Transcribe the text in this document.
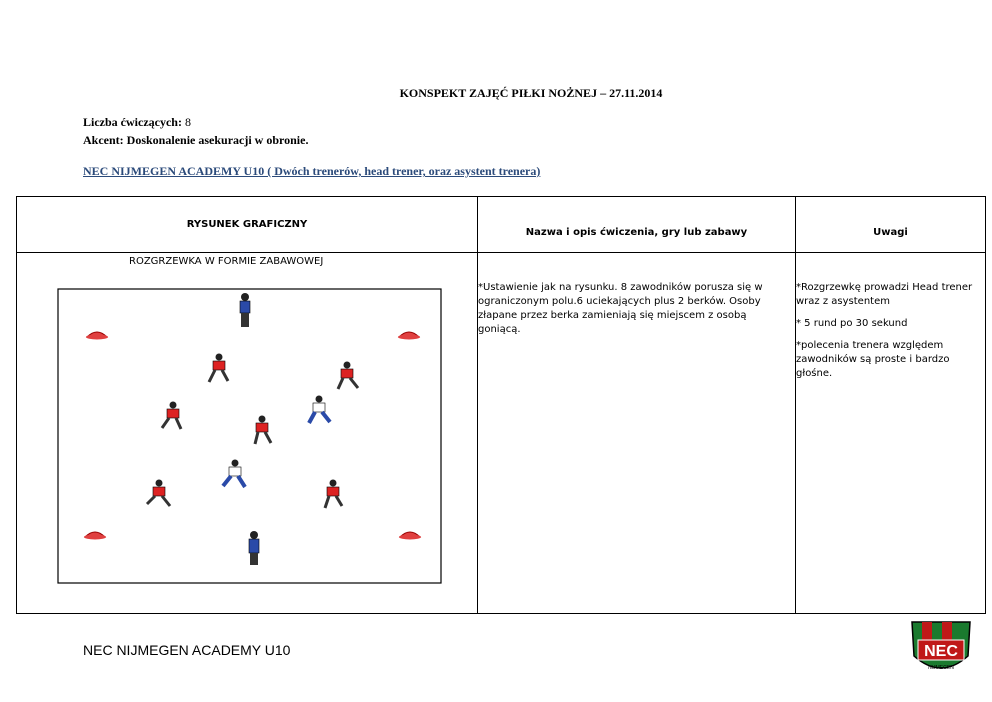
KONSPEKT ZAJĘĆ PIŁKI NOŻNEJ – 27.11.2014
Liczba ćwiczących: 8
Akcent: Doskonalenie asekuracji w obronie.
NEC NIJMEGEN ACADEMY U10 ( Dwóch trenerów, head trener, oraz asystent trenera)
RYSUNEK GRAFICZNY	Nazwa i opis ćwiczenia, gry lub zabawy	Uwagi

ROZGRZEWKA W FORMIE ZABAWOWEJ	*Ustawienie jak na rysunku. 8 zawodników porusza się w ograniczonym polu.6 uciekających plus 2 berków. Osoby złapane przez berka zamieniają się miejscem z osobą goniącą.	*Rozgrzewkę prowadzi Head trener wraz z asystentem
* 5 rund po 30 sekund
*polecenia trenera względem zawodników są proste i bardzo głośne.
NEC NIJMEGEN ACADEMY U10	NEC
NIJMEGEN
